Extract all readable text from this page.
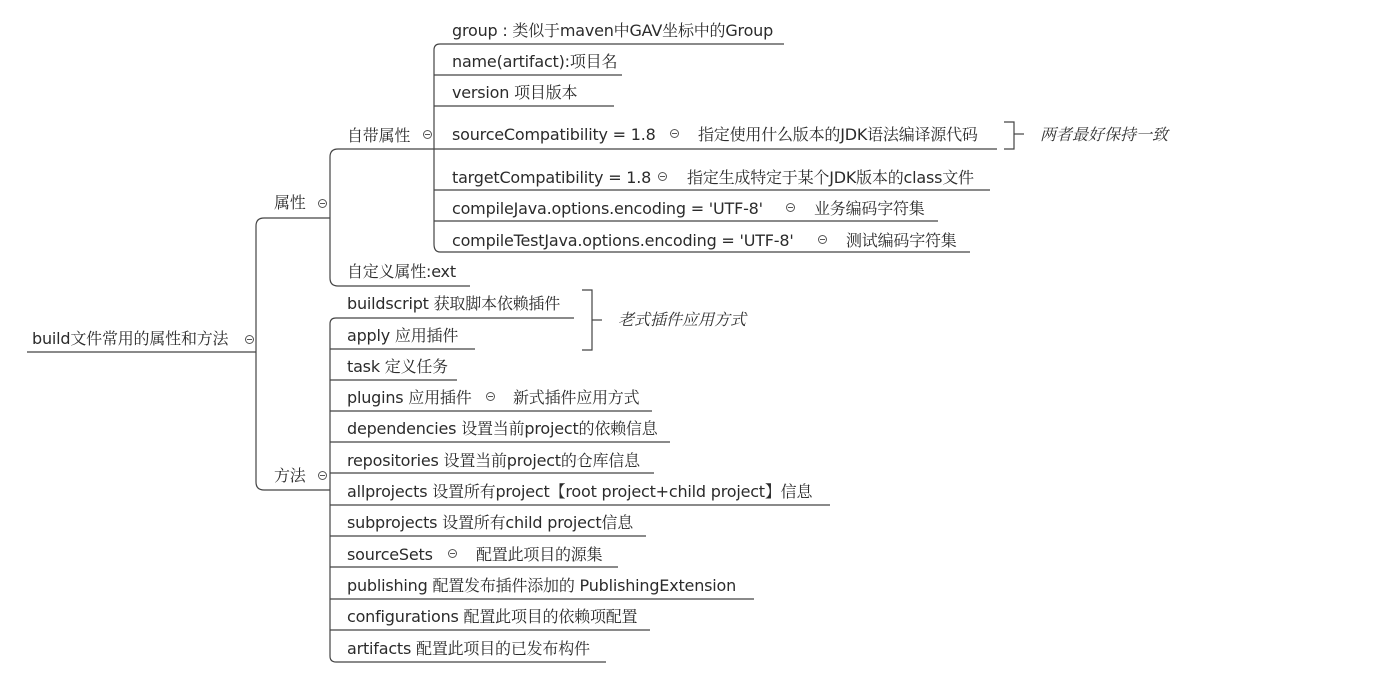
build文件常用的属性和方法
属性
自带属性
group : 类似于maven中GAV坐标中的Group
name(artifact):项目名
version 项目版本
sourceCompatibility = 1.8	指定使用什么版本的JDK语法编译源代码
targetCompatibility = 1.8 指定生成特定于某个JDK版本的class文件
compileJava.options.encoding = 'UTF-8'	业务编码字符集
compileTestJava.options.encoding = 'UTF-8'	测试编码字符集
两者最好保持一致
自定义属性:ext
方法
buildscript 获取脚本依赖插件
apply 应用插件
老式插件应用方式
task 定义任务
plugins 应用插件	新式插件应用方式
dependencies 设置当前project的依赖信息
repositories 设置当前project的仓库信息
allprojects 设置所有project【root project+child project】信息
subprojects 设置所有child project信息
sourceSets	配置此项目的源集
publishing 配置发布插件添加的 PublishingExtension
configurations 配置此项目的依赖项配置
artifacts 配置此项目的已发布构件
